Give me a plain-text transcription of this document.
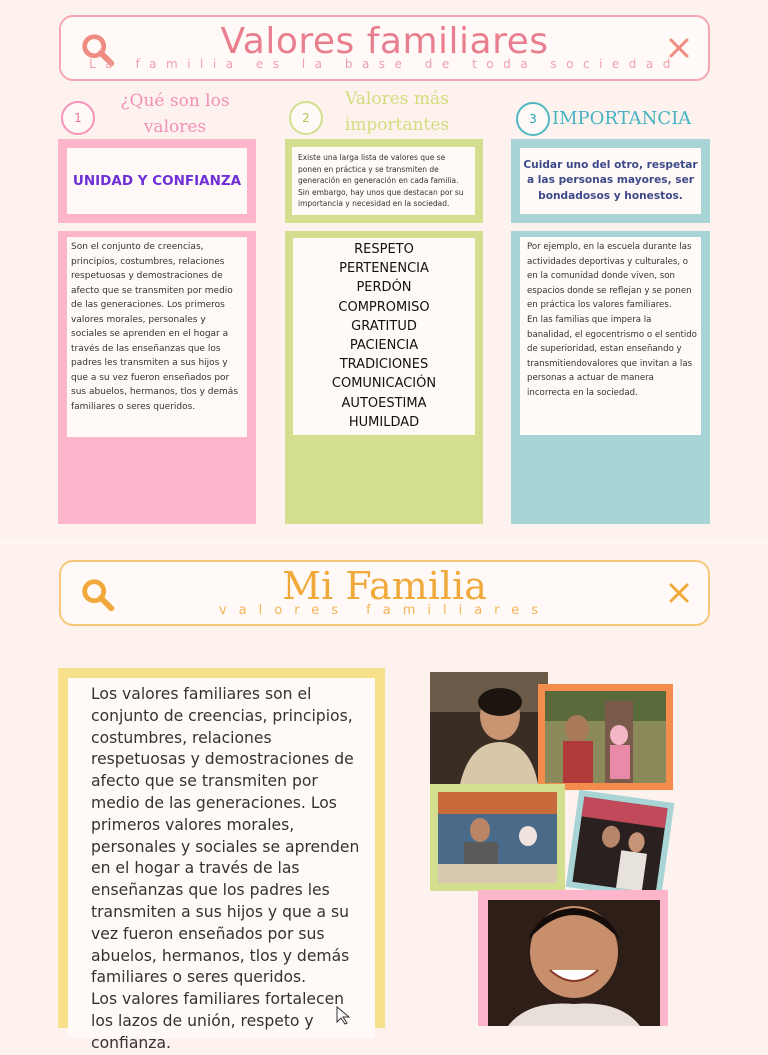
Valores familiares
La familia es la base de toda sociedad
1
¿Qué son los valores
UNIDAD Y CONFIANZA
Son el conjunto de creencias, principios, costumbres, relaciones respetuosas y demostraciones de afecto que se transmiten por medio de las generaciones. Los primeros valores morales, personales y sociales se aprenden en el hogar a través de las enseñanzas que los padres les transmiten a sus hijos y que a su vez fueron enseñados por sus abuelos, hermanos, tlos y demás familiares o seres queridos.
2
Valores más importantes
Existe una larga lista de valores que se ponen en práctica y se transmiten de generación en generación en cada familia. Sin embargo, hay unos que destacan por su importancia y necesidad en la sociedad.
RESPETO
PERTENENCIA
PERDÓN
COMPROMISO
GRATITUD
PACIENCIA
TRADICIONES
COMUNICACIÓN
AUTOESTIMA
HUMILDAD
3 IMPORTANCIA
Cuidar uno del otro, respetar a las personas mayores, ser bondadosos y honestos.
Por ejemplo, en la escuela durante las actividades deportivas y culturales, o en la comunidad donde viven, son espacios donde se reflejan y se ponen en práctica los valores familiares.
En las familias que impera la banalidad, el egocentrismo o el sentido de superioridad, estan enseñando y transmitiendovalores que invitan a las personas a actuar de manera incorrecta en la sociedad.
Mi Familia
valores familiares
Los valores familiares son el conjunto de creencias, principios, costumbres, relaciones respetuosas y demostraciones de afecto que se transmiten por medio de las generaciones. Los primeros valores morales, personales y sociales se aprenden en el hogar a través de las enseñanzas que los padres les transmiten a sus hijos y que a su vez fueron enseñados por sus abuelos, hermanos, tlos y demás familiares o seres queridos.
Los valores familiares fortalecen los lazos de unión, respeto y confianza.
